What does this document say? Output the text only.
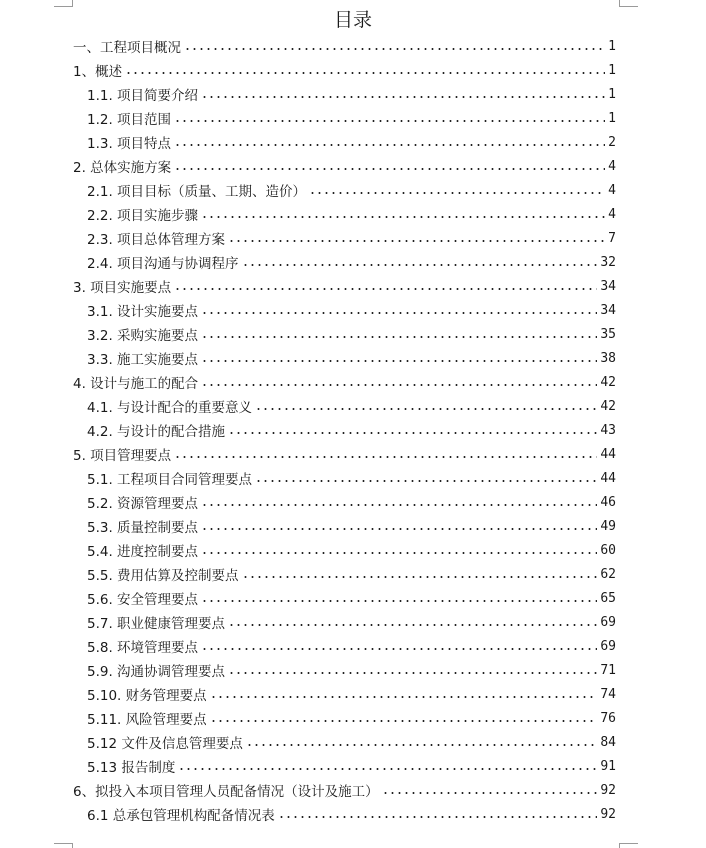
目录
一、工程项目概况	1
1、概述	1
1.1. 项目简要介绍	1
1.2. 项目范围	1
1.3. 项目特点	2
2. 总体实施方案	4
2.1. 项目目标（质量、工期、造价）	4
2.2. 项目实施步骤	4
2.3. 项目总体管理方案	7
2.4. 项目沟通与协调程序	32
3. 项目实施要点	34
3.1. 设计实施要点	34
3.2. 采购实施要点	35
3.3. 施工实施要点	38
4. 设计与施工的配合	42
4.1. 与设计配合的重要意义	42
4.2. 与设计的配合措施	43
5. 项目管理要点	44
5.1. 工程项目合同管理要点	44
5.2. 资源管理要点	46
5.3. 质量控制要点	49
5.4. 进度控制要点	60
5.5. 费用估算及控制要点	62
5.6. 安全管理要点	65
5.7. 职业健康管理要点	69
5.8. 环境管理要点	69
5.9. 沟通协调管理要点	71
5.10. 财务管理要点	74
5.11. 风险管理要点	76
5.12 文件及信息管理要点	84
5.13 报告制度	91
6、拟投入本项目管理人员配备情况（设计及施工）	92
6.1 总承包管理机构配备情况表	92
